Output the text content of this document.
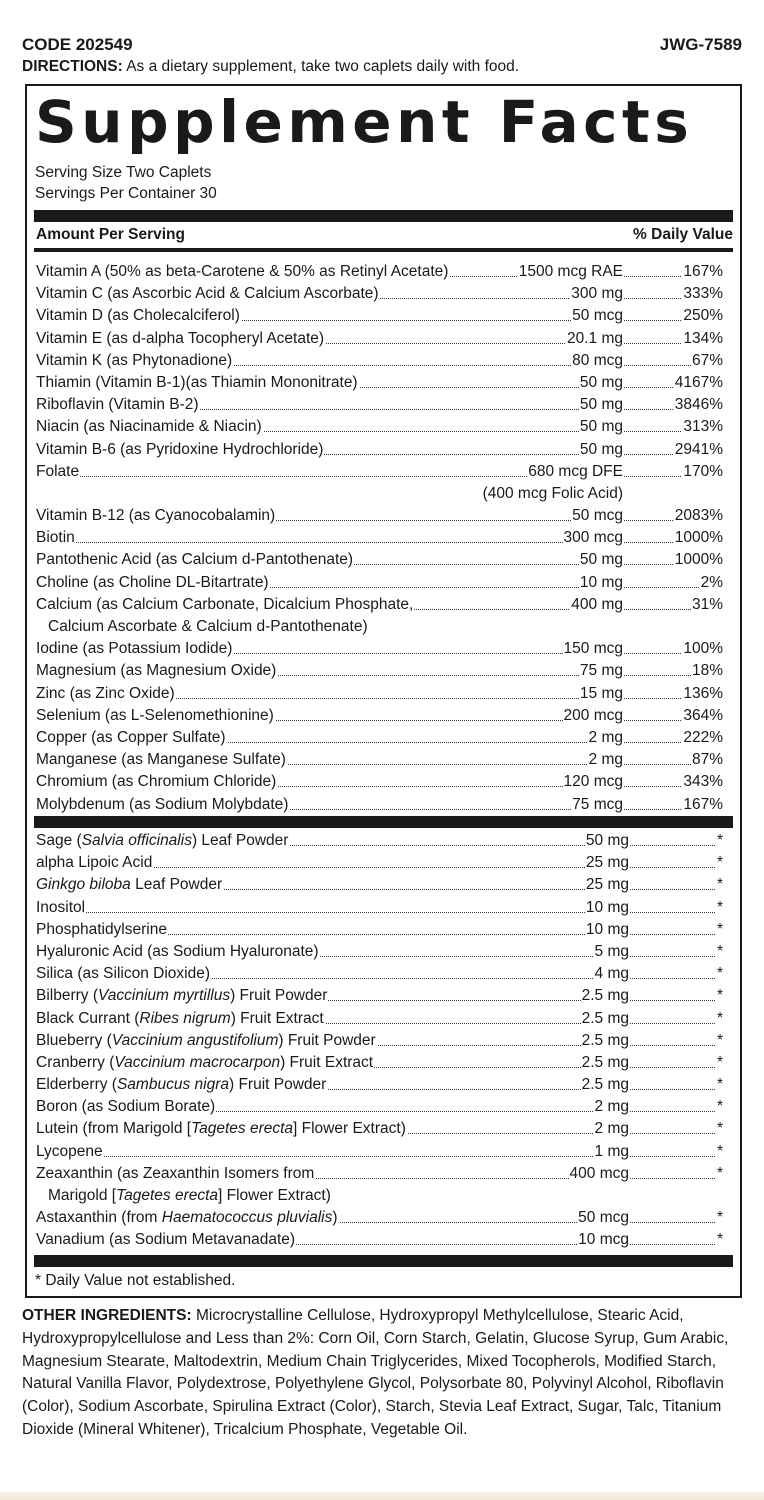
CODE 202549	JWG-7589
DIRECTIONS: As a dietary supplement, take two caplets daily with food.
Supplement Facts
Serving Size Two Caplets
Servings Per Container 30
Amount Per Serving	% Daily Value
Vitamin A (50% as beta-Carotene & 50% as Retinyl Acetate)	1500 mcg RAE	167%
Vitamin C (as Ascorbic Acid & Calcium Ascorbate)	300 mg	333%
Vitamin D (as Cholecalciferol)	50 mcg	250%
Vitamin E (as d-alpha Tocopheryl Acetate)	20.1 mg	134%
Vitamin K (as Phytonadione)	80 mcg	67%
Thiamin (Vitamin B-1)(as Thiamin Mononitrate)	50 mg	4167%
Riboflavin (Vitamin B-2)	50 mg	3846%
Niacin (as Niacinamide & Niacin)	50 mg	313%
Vitamin B-6 (as Pyridoxine Hydrochloride)	50 mg	2941%
Folate	680 mcg DFE	170%
(400 mcg Folic Acid)
Vitamin B-12 (as Cyanocobalamin)	50 mcg	2083%
Biotin	300 mcg	1000%
Pantothenic Acid (as Calcium d-Pantothenate)	50 mg	1000%
Choline (as Choline DL-Bitartrate)	10 mg	2%
Calcium (as Calcium Carbonate, Dicalcium Phosphate,	400 mg	31%
Calcium Ascorbate & Calcium d-Pantothenate)
Iodine (as Potassium Iodide)	150 mcg	100%
Magnesium (as Magnesium Oxide)	75 mg	18%
Zinc (as Zinc Oxide)	15 mg	136%
Selenium (as L-Selenomethionine)	200 mcg	364%
Copper (as Copper Sulfate)	2 mg	222%
Manganese (as Manganese Sulfate)	2 mg	87%
Chromium (as Chromium Chloride)	120 mcg	343%
Molybdenum (as Sodium Molybdate)	75 mcg	167%
Sage (Salvia officinalis) Leaf Powder	50 mg	*
alpha Lipoic Acid	25 mg	*
Ginkgo biloba Leaf Powder	25 mg	*
Inositol	10 mg	*
Phosphatidylserine	10 mg	*
Hyaluronic Acid (as Sodium Hyaluronate)	5 mg	*
Silica (as Silicon Dioxide)	4 mg	*
Bilberry (Vaccinium myrtillus) Fruit Powder	2.5 mg	*
Black Currant (Ribes nigrum) Fruit Extract	2.5 mg	*
Blueberry (Vaccinium angustifolium) Fruit Powder	2.5 mg	*
Cranberry (Vaccinium macrocarpon) Fruit Extract	2.5 mg	*
Elderberry (Sambucus nigra) Fruit Powder	2.5 mg	*
Boron (as Sodium Borate)	2 mg	*
Lutein (from Marigold [Tagetes erecta] Flower Extract)	2 mg	*
Lycopene	1 mg	*
Zeaxanthin (as Zeaxanthin Isomers from	400 mcg	*
Marigold [Tagetes erecta] Flower Extract)
Astaxanthin (from Haematococcus pluvialis)	50 mcg	*
Vanadium (as Sodium Metavanadate)	10 mcg	*
* Daily Value not established.
OTHER INGREDIENTS: Microcrystalline Cellulose, Hydroxypropyl Methylcellulose, Stearic Acid, Hydroxypropylcellulose and Less than 2%: Corn Oil, Corn Starch, Gelatin, Glucose Syrup, Gum Arabic, Magnesium Stearate, Maltodextrin, Medium Chain Triglycerides, Mixed Tocopherols, Modified Starch, Natural Vanilla Flavor, Polydextrose, Polyethylene Glycol, Polysorbate 80, Polyvinyl Alcohol, Riboflavin (Color), Sodium Ascorbate, Spirulina Extract (Color), Starch, Stevia Leaf Extract, Sugar, Talc, Titanium Dioxide (Mineral Whitener), Tricalcium Phosphate, Vegetable Oil.
